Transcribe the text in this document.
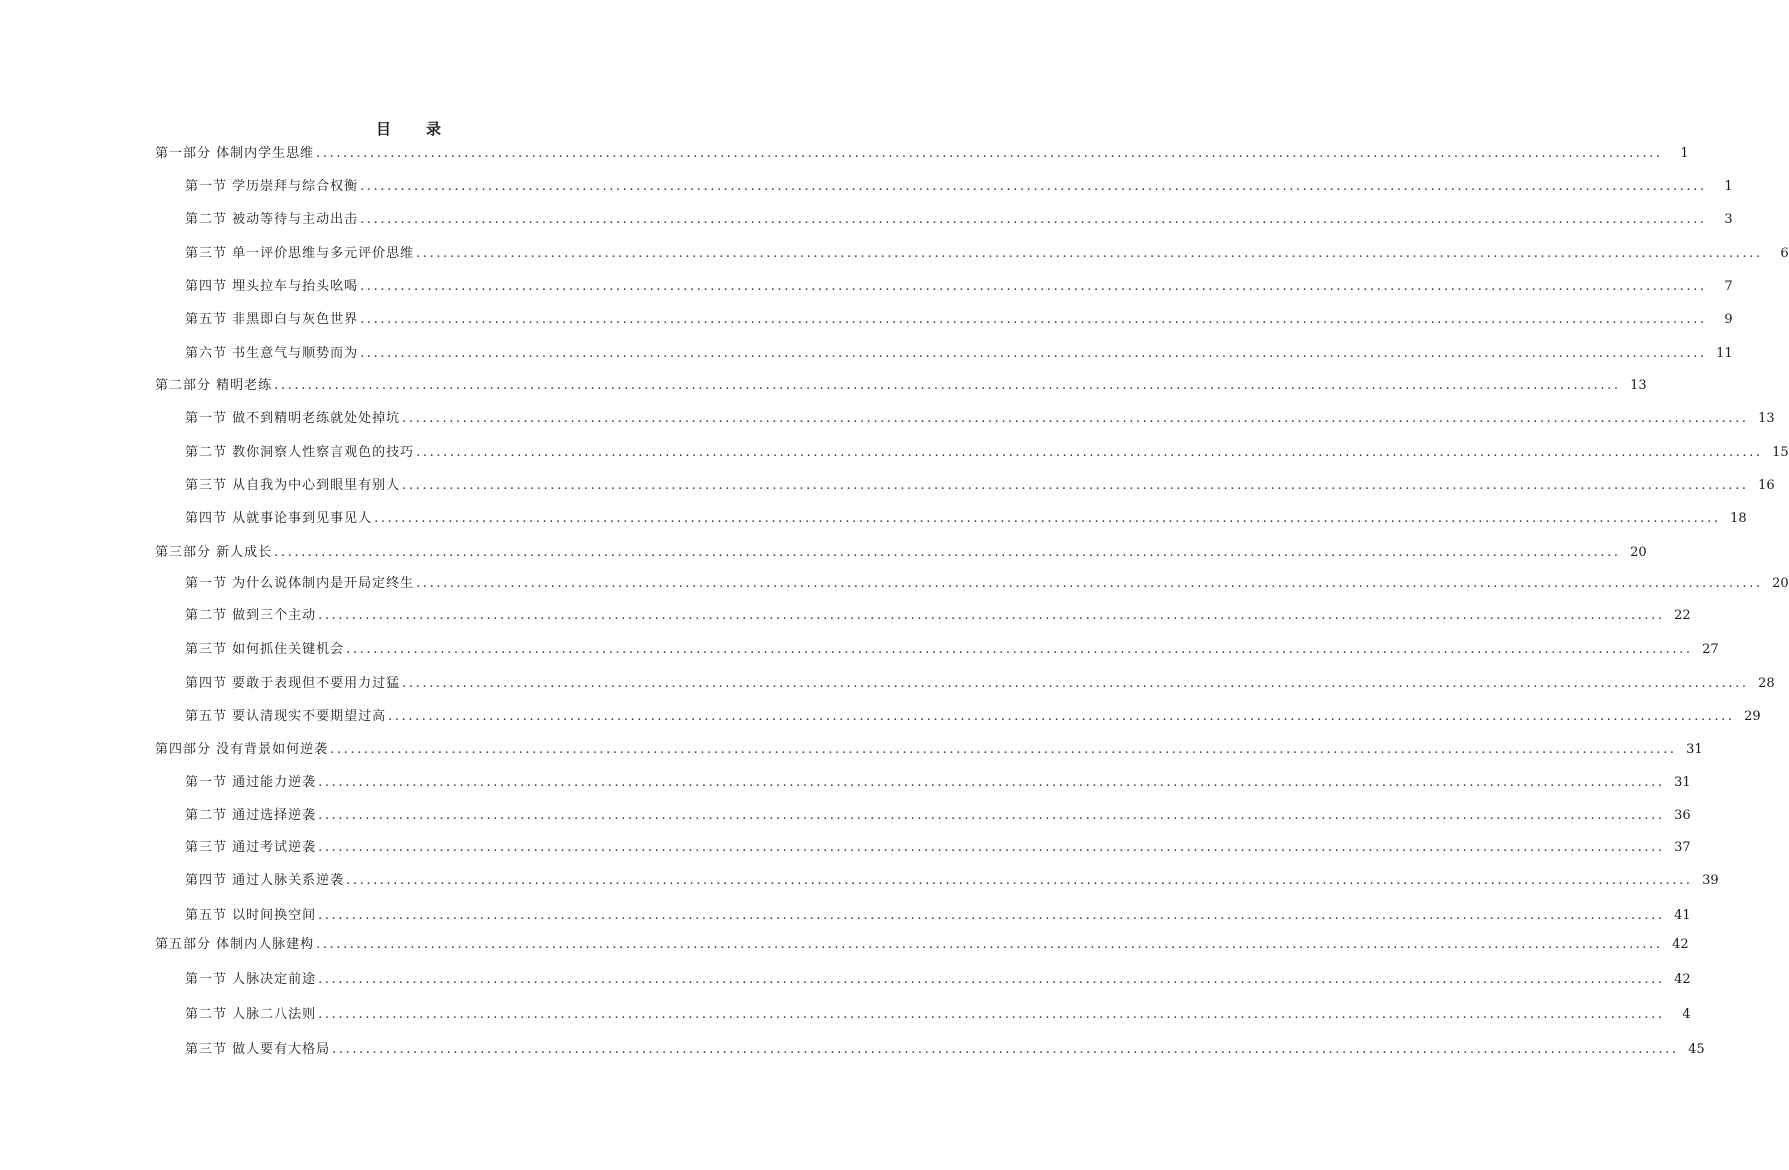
目　录
第一部分 体制内学生思维 ........................................................................................................................................................................................................	1
第一节 学历崇拜与综合权衡 ........................................................................................................................................................................................................	1
第二节 被动等待与主动出击 ........................................................................................................................................................................................................	3
第三节 单一评价思维与多元评价思维 ........................................................................................................................................................................................................	6
第四节 埋头拉车与抬头吆喝 ........................................................................................................................................................................................................	7
第五节 非黑即白与灰色世界 ........................................................................................................................................................................................................	9
第六节 书生意气与顺势而为 ........................................................................................................................................................................................................ 11
第二部分 精明老练 ........................................................................................................................................................................................................ 13
第一节 做不到精明老练就处处掉坑 ........................................................................................................................................................................................................ 13
第二节 教你洞察人性察言观色的技巧 ........................................................................................................................................................................................................ 15
第三节 从自我为中心到眼里有别人 ........................................................................................................................................................................................................ 16
第四节 从就事论事到见事见人 ........................................................................................................................................................................................................ 18
第三部分 新人成长 ........................................................................................................................................................................................................ 20
第一节 为什么说体制内是开局定终生 ........................................................................................................................................................................................................ 20
第二节 做到三个主动 ........................................................................................................................................................................................................ 22
第三节 如何抓住关键机会 ........................................................................................................................................................................................................ 27
第四节 要敢于表现但不要用力过猛 ........................................................................................................................................................................................................ 28
第五节 要认清现实不要期望过高 ........................................................................................................................................................................................................ 29
第四部分 没有背景如何逆袭 ........................................................................................................................................................................................................ 31
第一节 通过能力逆袭 ........................................................................................................................................................................................................ 31
第二节 通过选择逆袭 ........................................................................................................................................................................................................ 36
第三节 通过考试逆袭 ........................................................................................................................................................................................................ 37
第四节 通过人脉关系逆袭 ........................................................................................................................................................................................................ 39
第五节 以时间换空间 ........................................................................................................................................................................................................ 41
第五部分 体制内人脉建构 ........................................................................................................................................................................................................ 42
第一节 人脉决定前途 ........................................................................................................................................................................................................ 42
第二节 人脉二八法则 ........................................................................................................................................................................................................	4
第三节 做人要有大格局 ........................................................................................................................................................................................................ 45
